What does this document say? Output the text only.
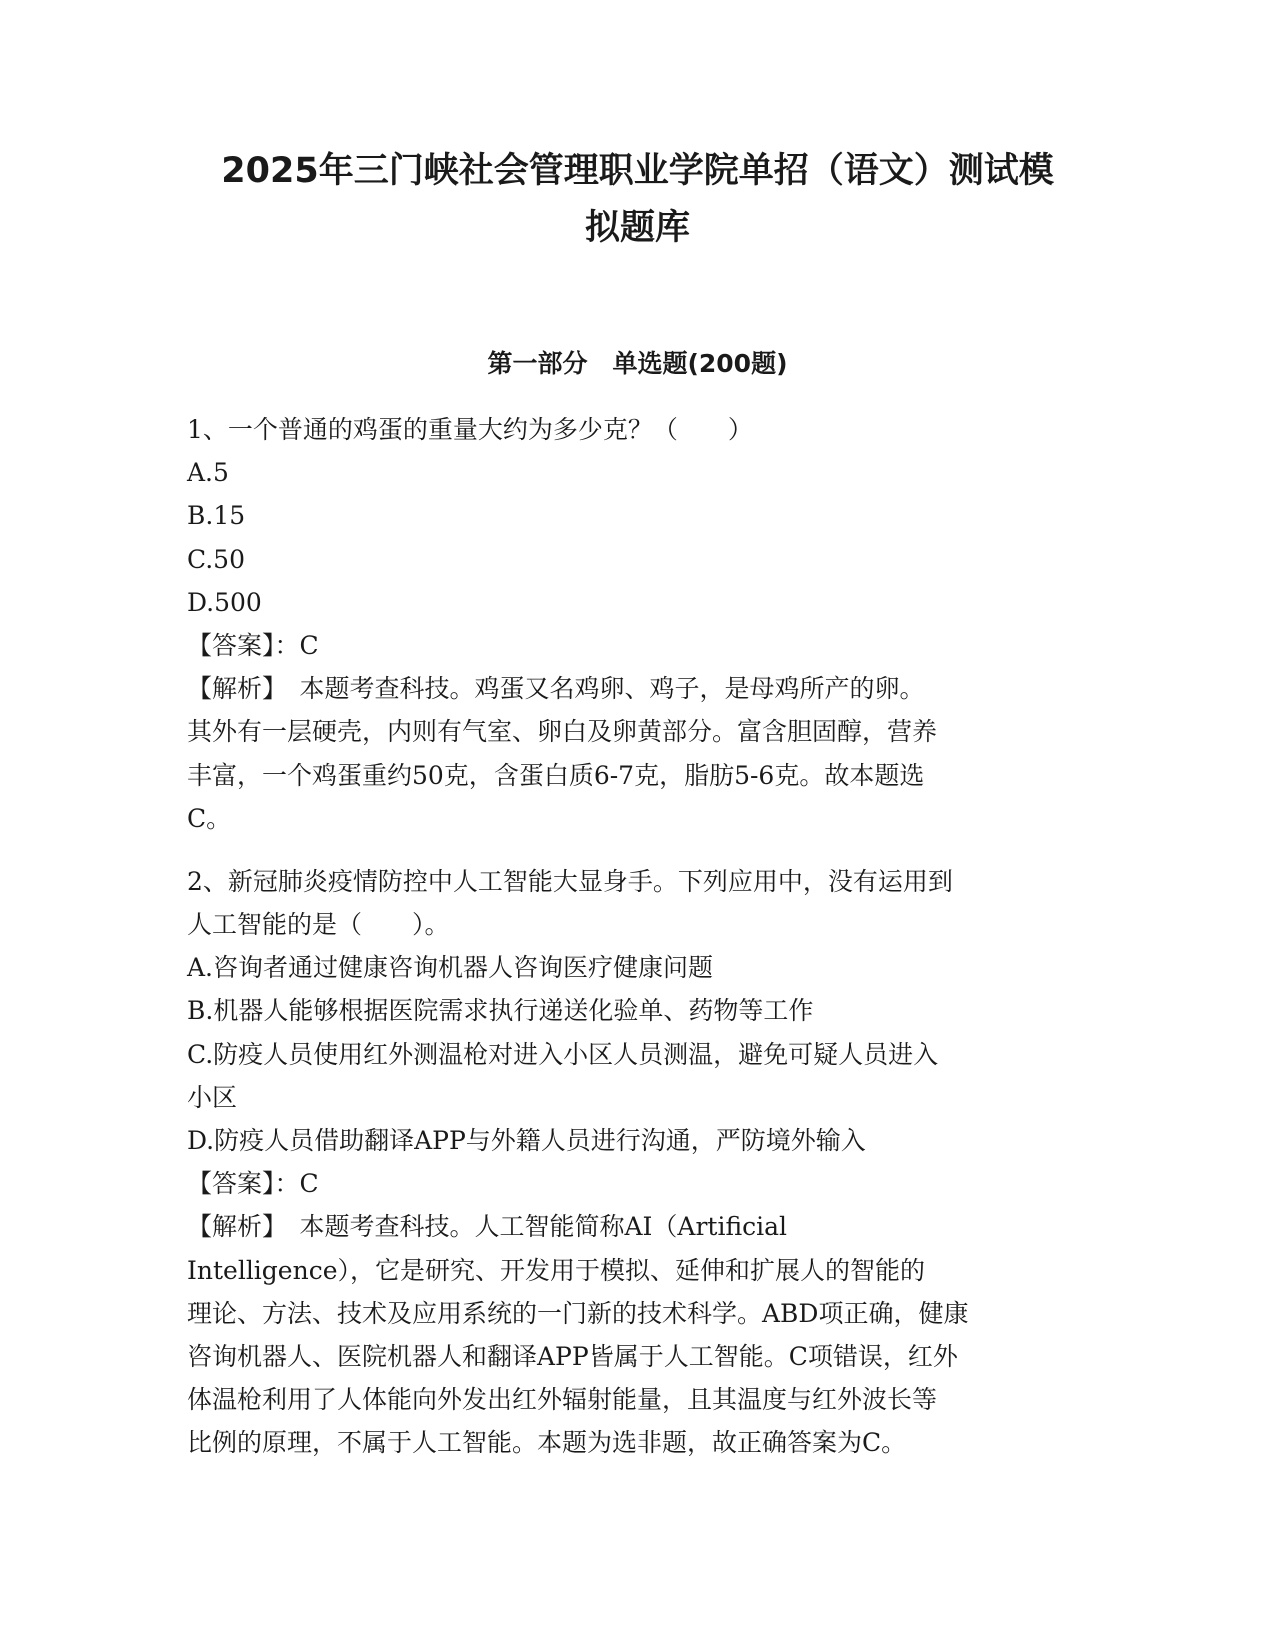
2025年三门峡社会管理职业学院单招（语文）测试模
拟题库
第一部分　单选题(200题)
1、一个普通的鸡蛋的重量大约为多少克？（　　）
A.5
B.15
C.50
D.500
【答案】：C
【解析】　本题考查科技。鸡蛋又名鸡卵、鸡子，是母鸡所产的卵。
其外有一层硬壳，内则有气室、卵白及卵黄部分。富含胆固醇，营养
丰富，一个鸡蛋重约50克，含蛋白质6-7克，脂肪5-6克。故本题选
C。
2、新冠肺炎疫情防控中人工智能大显身手。下列应用中，没有运用到
人工智能的是（　　）。
A.咨询者通过健康咨询机器人咨询医疗健康问题
B.机器人能够根据医院需求执行递送化验单、药物等工作
C.防疫人员使用红外测温枪对进入小区人员测温，避免可疑人员进入
小区
D.防疫人员借助翻译APP与外籍人员进行沟通，严防境外输入
【答案】：C
【解析】　本题考查科技。人工智能简称AI（Artificial
Intelligence），它是研究、开发用于模拟、延伸和扩展人的智能的
理论、方法、技术及应用系统的一门新的技术科学。ABD项正确，健康
咨询机器人、医院机器人和翻译APP皆属于人工智能。C项错误，红外
体温枪利用了人体能向外发出红外辐射能量，且其温度与红外波长等
比例的原理，不属于人工智能。本题为选非题，故正确答案为C。
